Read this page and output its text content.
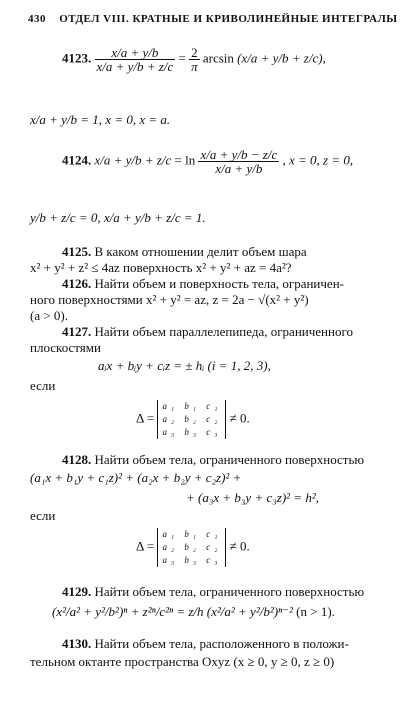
430 ОТДЕЛ VIII. КРАТНЫЕ И КРИВОЛИНЕЙНЫЕ ИНТЕГРАЛЫ
4123. $\frac{x/a + y/b}{x/a + y/b + z/c} = \frac{2}{\pi}$ arcsin (x/a + y/b + z/c),
x/a + y/b = 1, x = 0, x = a.
4124. $x/a + y/b + z/c = \ln \frac{x/a + y/b - z/c}{x/a + y/b}$ , x = 0, z = 0,
y/b + z/c = 0, x/a + y/b + z/c = 1.
4125. В каком отношении делит объем шара
x² + y² + z² ≤ 4az поверхность x² + y² + az = 4a²?
4126. Найти объем и поверхность тела, ограничен-
ного поверхностями x² + y² = az, z = 2a − √(x² + y²)
(a > 0).
4127. Найти объем параллелепипеда, ограниченного
плоскостями
aᵢx + bᵢy + cᵢz = ± hᵢ (i = 1, 2, 3),
если
Δ =
a₁ b₁ c₁
a₂ b₂ c₂
a₃ b₃ c₃
≠ 0.
4128. Найти объем тела, ограниченного поверхностью
(a₁x + b₁y + c₁z)² + (a₂x + b₂y + c₂z)² +
+ (a₃x + b₃y + c₃z)² = h²,
если
Δ =
a₁ b₁ c₁
a₂ b₂ c₂
a₃ b₃ c₃
≠ 0.
4129. Найти объем тела, ограниченного поверхностью
(x²/a² + y²/b²)ⁿ + z²ⁿ/c²ⁿ = z/h (x²/a² + y²/b²)ⁿ⁻² (n > 1).
4130. Найти объем тела, расположенного в положи-
тельном октанте пространства Oxyz (x ≥ 0, y ≥ 0, z ≥ 0)
